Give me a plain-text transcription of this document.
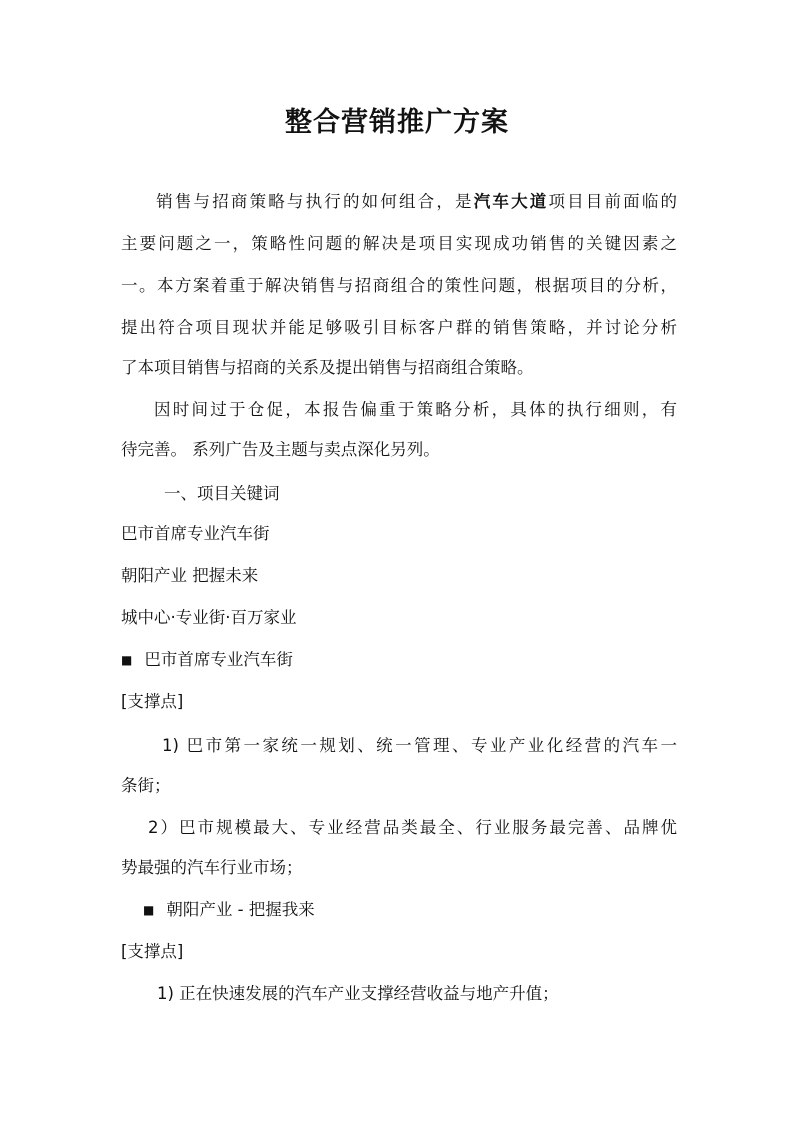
整合营销推广方案
销售与招商策略与执行的如何组合，是汽车大道项目目前面临的
主要问题之一，策略性问题的解决是项目实现成功销售的关键因素之
一。本方案着重于解决销售与招商组合的策性问题，根据项目的分析，
提出符合项目现状并能足够吸引目标客户群的销售策略，并讨论分析
了本项目销售与招商的关系及提出销售与招商组合策略。
因时间过于仓促，本报告偏重于策略分析，具体的执行细则，有
待完善。 系列广告及主题与卖点深化另列。
一、项目关键词
巴市首席专业汽车街
朝阳产业 把握未来
城中心·专业街·百万家业
■ 巴市首席专业汽车街
[支撑点]
1) 巴市第一家统一规划、统一管理、专业产业化经营的汽车一
条街；
2）巴市规模最大、专业经营品类最全、行业服务最完善、品牌优
势最强的汽车行业市场；
■ 朝阳产业 - 把握我来
[支撑点]
1) 正在快速发展的汽车产业支撑经营收益与地产升值；
